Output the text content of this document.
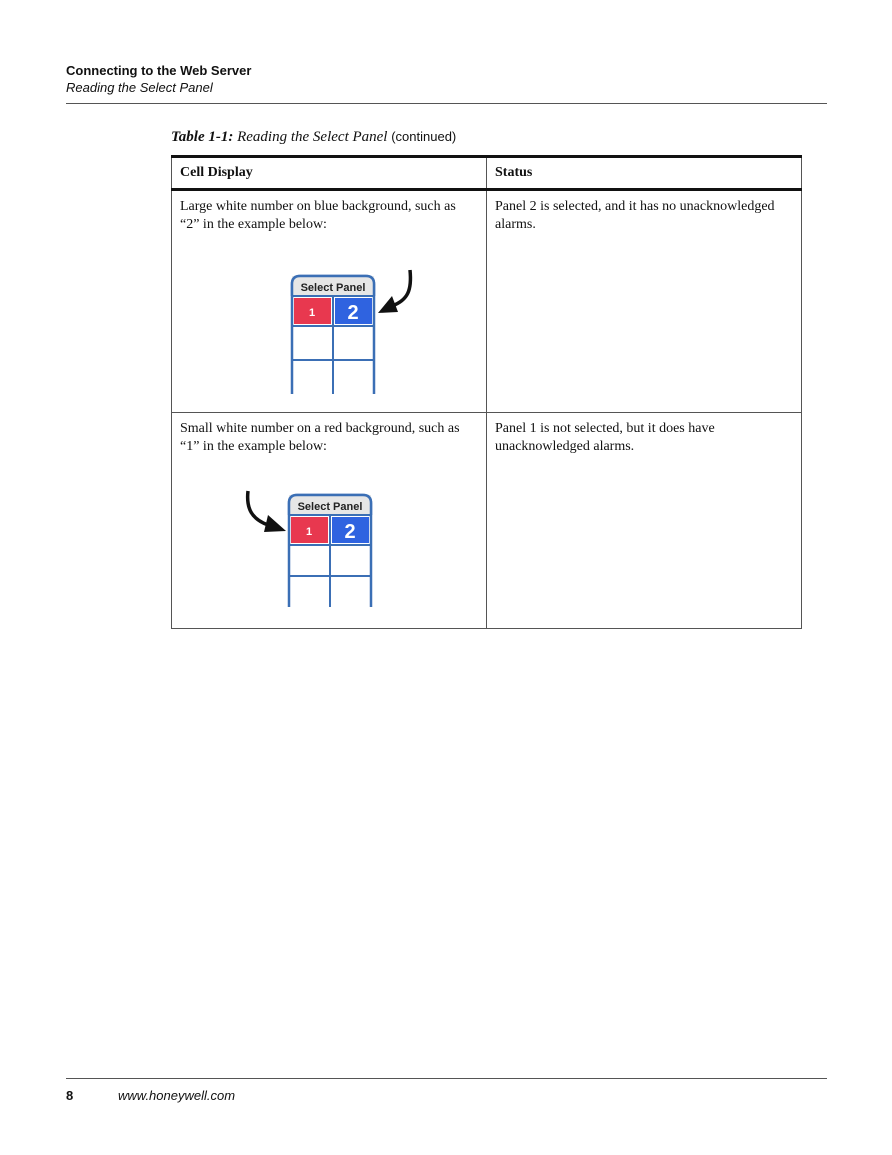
Connecting to the Web Server
Reading the Select Panel
Table 1-1: Reading the Select Panel (continued)
Cell Display	Status

Large white number on blue background, such as “2” in the example below:
Select Panel
1 2	Panel 2 is selected, and it has no unacknowledged alarms.

Small white number on a red background, such as “1” in the example below:
Select Panel
1 2	Panel 1 is not selected, but it does have unacknowledged alarms.
8	www.honeywell.com
